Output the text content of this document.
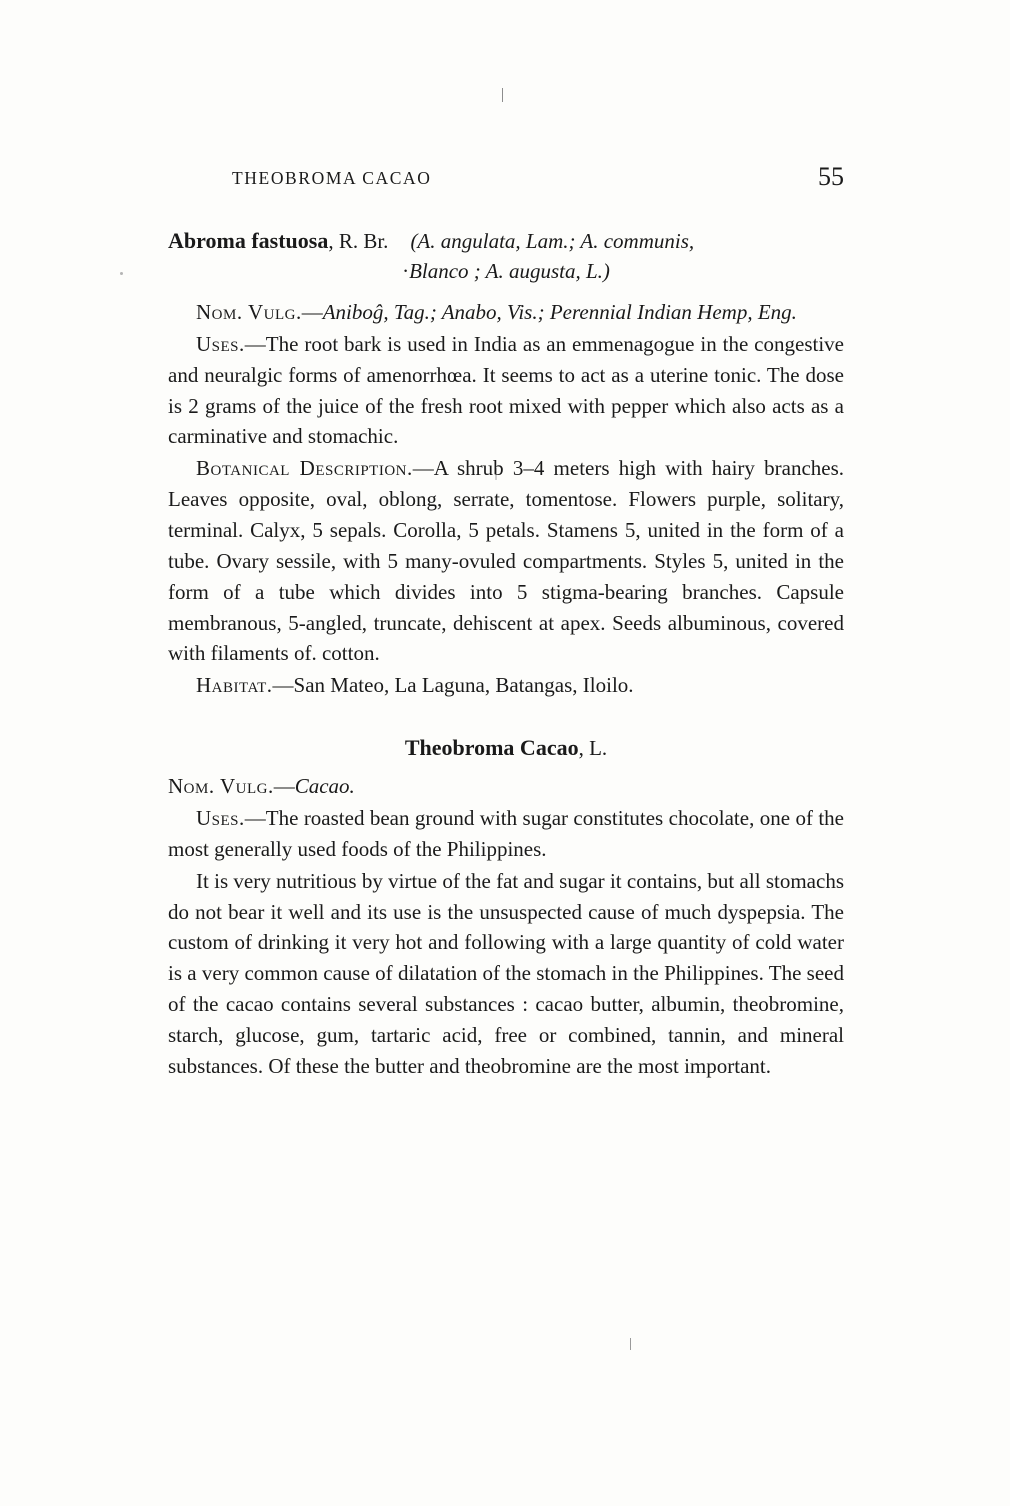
THEOBROMA CACAO	55
Abroma fastuosa, R. Br. (A. angulata, Lam.; A. communis,
·Blanco ; A. augusta, L.)

Nom. Vulg.—Aniboĝ, Tag.; Anabo, Vis.; Perennial Indian Hemp, Eng.

Uses.—The root bark is used in India as an emmenagogue in the congestive and neuralgic forms of amenorrhœa. It seems to act as a uterine tonic. The dose is 2 grams of the juice of the fresh root mixed with pepper which also acts as a carminative and stomachic.

Botanical Description.—A shrub 3–4 meters high with hairy branches. Leaves opposite, oval, oblong, serrate, tomentose. Flowers purple, solitary, terminal. Calyx, 5 sepals. Corolla, 5 petals. Stamens 5, united in the form of a tube. Ovary sessile, with 5 many-ovuled compartments. Styles 5, united in the form of a tube which divides into 5 stigma-bearing branches. Capsule membranous, 5-angled, truncate, dehiscent at apex. Seeds albuminous, covered with filaments of. cotton.

Habitat.—San Mateo, La Laguna, Batangas, Iloilo.

Theobroma Cacao, L.

Nom. Vulg.—Cacao.

Uses.—The roasted bean ground with sugar constitutes chocolate, one of the most generally used foods of the Philippines.

It is very nutritious by virtue of the fat and sugar it contains, but all stomachs do not bear it well and its use is the unsuspected cause of much dyspepsia. The custom of drinking it very hot and following with a large quantity of cold water is a very common cause of dilatation of the stomach in the Philippines. The seed of the cacao contains several substances : cacao butter, albumin, theobromine, starch, glucose, gum, tartaric acid, free or combined, tannin, and mineral substances. Of these the butter and theobromine are the most important.
